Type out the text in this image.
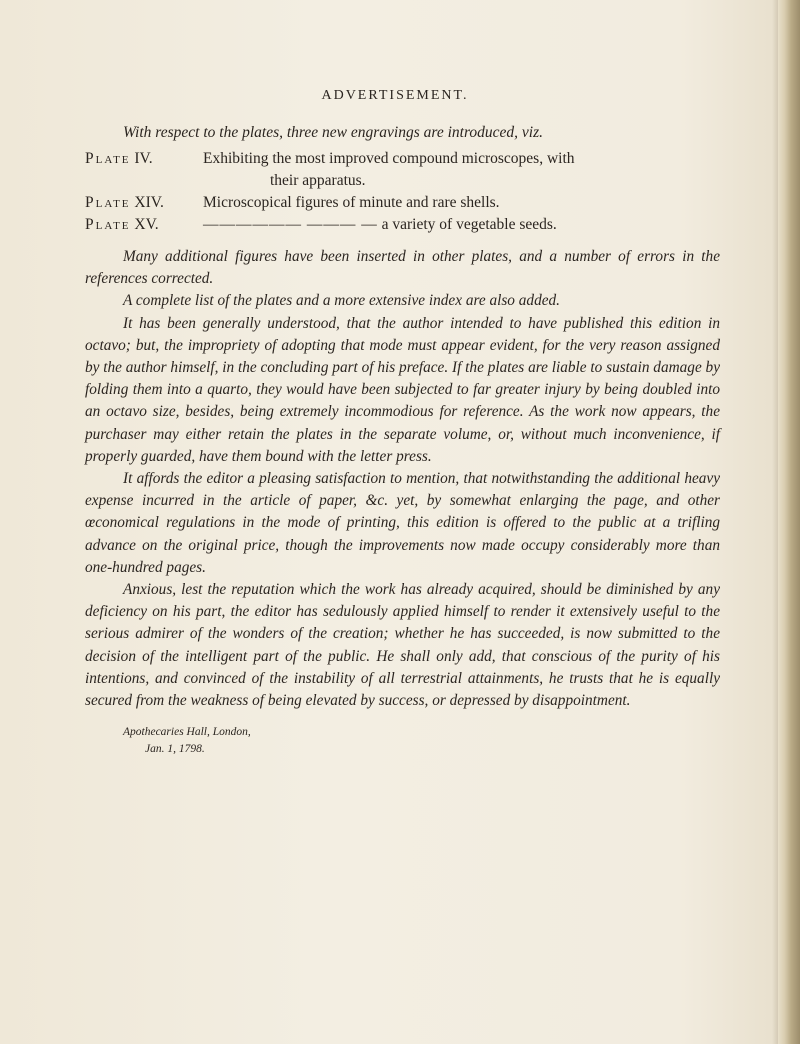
ADVERTISEMENT.

With respect to the plates, three new engravings are introduced, viz.

Plate IV.	Exhibiting the most improved compound microscopes, with
their apparatus.
Plate XIV.	Microscopical figures of minute and rare shells.
Plate XV.	—————— ——— — a variety of vegetable seeds.

Many additional figures have been inserted in other plates, and a number of errors in the references corrected.

A complete list of the plates and a more extensive index are also added.

It has been generally understood, that the author intended to have published this edition in octavo; but, the impropriety of adopting that mode must appear evident, for the very reason assigned by the author himself, in the concluding part of his preface. If the plates are liable to sustain damage by folding them into a quarto, they would have been subjected to far greater injury by being doubled into an octavo size, besides, being extremely incommodious for reference. As the work now appears, the purchaser may either retain the plates in the separate volume, or, without much inconvenience, if properly guarded, have them bound with the letter press.

It affords the editor a pleasing satisfaction to mention, that notwithstanding the additional heavy expense incurred in the article of paper, &c. yet, by somewhat enlarging the page, and other œconomical regulations in the mode of printing, this edition is offered to the public at a trifling advance on the original price, though the improvements now made occupy considerably more than one-hundred pages.

Anxious, lest the reputation which the work has already acquired, should be diminished by any deficiency on his part, the editor has sedulously applied himself to render it extensively useful to the serious admirer of the wonders of the creation; whether he has succeeded, is now submitted to the decision of the intelligent part of the public. He shall only add, that conscious of the purity of his intentions, and convinced of the instability of all terrestrial attainments, he trusts that he is equally secured from the weakness of being elevated by success, or depressed by disappointment.

Apothecaries Hall, London,
Jan. 1, 1798.
